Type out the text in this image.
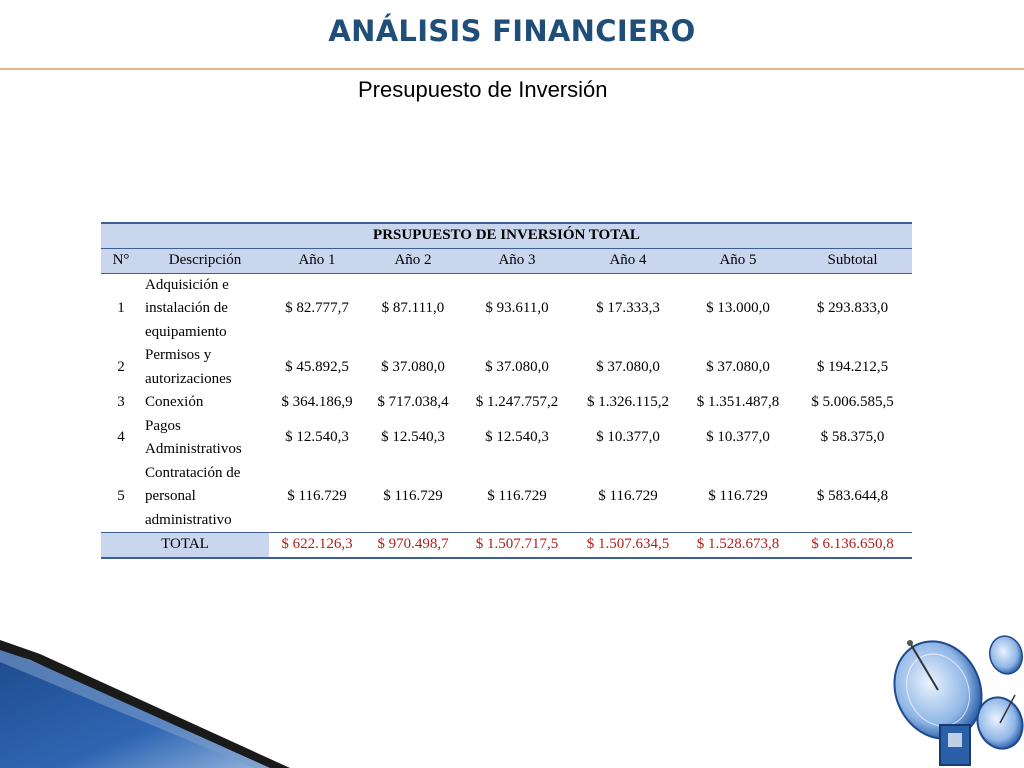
ANÁLISIS FINANCIERO
Presupuesto de Inversión
PRSUPUESTO DE INVERSIÓN TOTAL							
N°	Descripción	Año 1	Año 2	Año 3	Año 4	Año 5	Subtotal
1	Adquisición e instalación de equipamiento	$ 82.777,7	$ 87.111,0	$ 93.611,0	$ 17.333,3	$ 13.000,0	$ 293.833,0
2	Permisos y autorizaciones	$ 45.892,5	$ 37.080,0	$ 37.080,0	$ 37.080,0	$ 37.080,0	$ 194.212,5
3	Conexión	$ 364.186,9	$ 717.038,4	$ 1.247.757,2	$ 1.326.115,2	$ 1.351.487,8	$ 5.006.585,5
4	Pagos Administrativos	$ 12.540,3	$ 12.540,3	$ 12.540,3	$ 10.377,0	$ 10.377,0	$ 58.375,0
5	Contratación de personal administrativo	$ 116.729	$ 116.729	$ 116.729	$ 116.729	$ 116.729	$ 583.644,8
TOTAL		$ 622.126,3	$ 970.498,7	$ 1.507.717,5	$ 1.507.634,5	$ 1.528.673,8	$ 6.136.650,8
